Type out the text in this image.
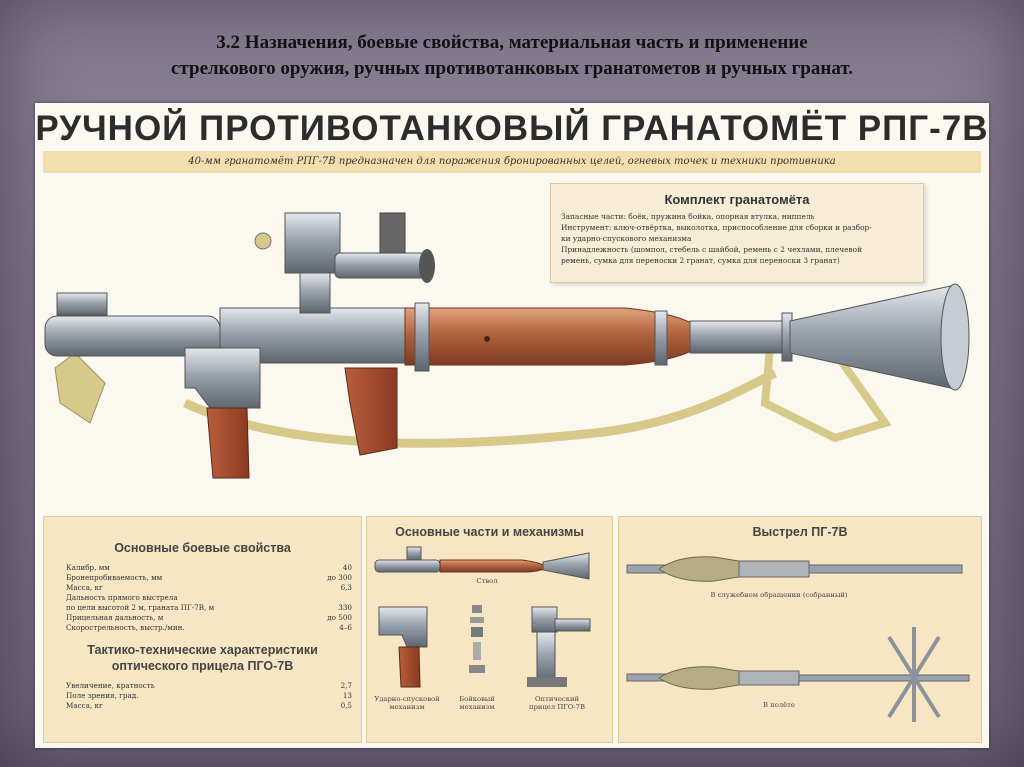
3.2 Назначения, боевые свойства, материальная часть и применение
стрелкового оружия, ручных противотанковых гранатометов и ручных гранат.
РУЧНОЙ ПРОТИВОТАНКОВЫЙ ГРАНАТОМЁТ РПГ-7В
40-мм гранатомёт РПГ-7В предназначен для поражения бронированных целей, огневых точек и техники противника
Комплект гранатомёта

Запасные части: боёк, пружина бойка, опорная втулка, ниппель

Инструмент: ключ-отвёртка, выколотка, приспособление для сборки и разбор-

ки ударно-спускового механизма

Принадлежность (шомпол, стебель с шайбой, ремень с 2 чехлами, плечевой

ремень, сумка для переноски 2 гранат, сумка для переноски 3 гранат)

Основные боевые свойства
Калибр, мм	40
Бронепробиваемость, мм	до 300
Масса, кг	6,3
Дальность прямого выстрела
по цели высотой 2 м, граната ПГ-7В, м	330
Прицельная дальность, м	до 500
Скорострельность, выстр./мин.	4–6
Тактико-технические характеристики
оптического прицела ПГО-7В
Увеличение, кратность	2,7
Поле зрения, град.	13
Масса, кг	0,5
Основные части и механизмы
Ствол
Ударно-спусковой
механизм
Бойковый
механизм
Оптический
прицел ПГО-7В
Выстрел ПГ-7В
В служебном обращении (собранный)
В полёте
